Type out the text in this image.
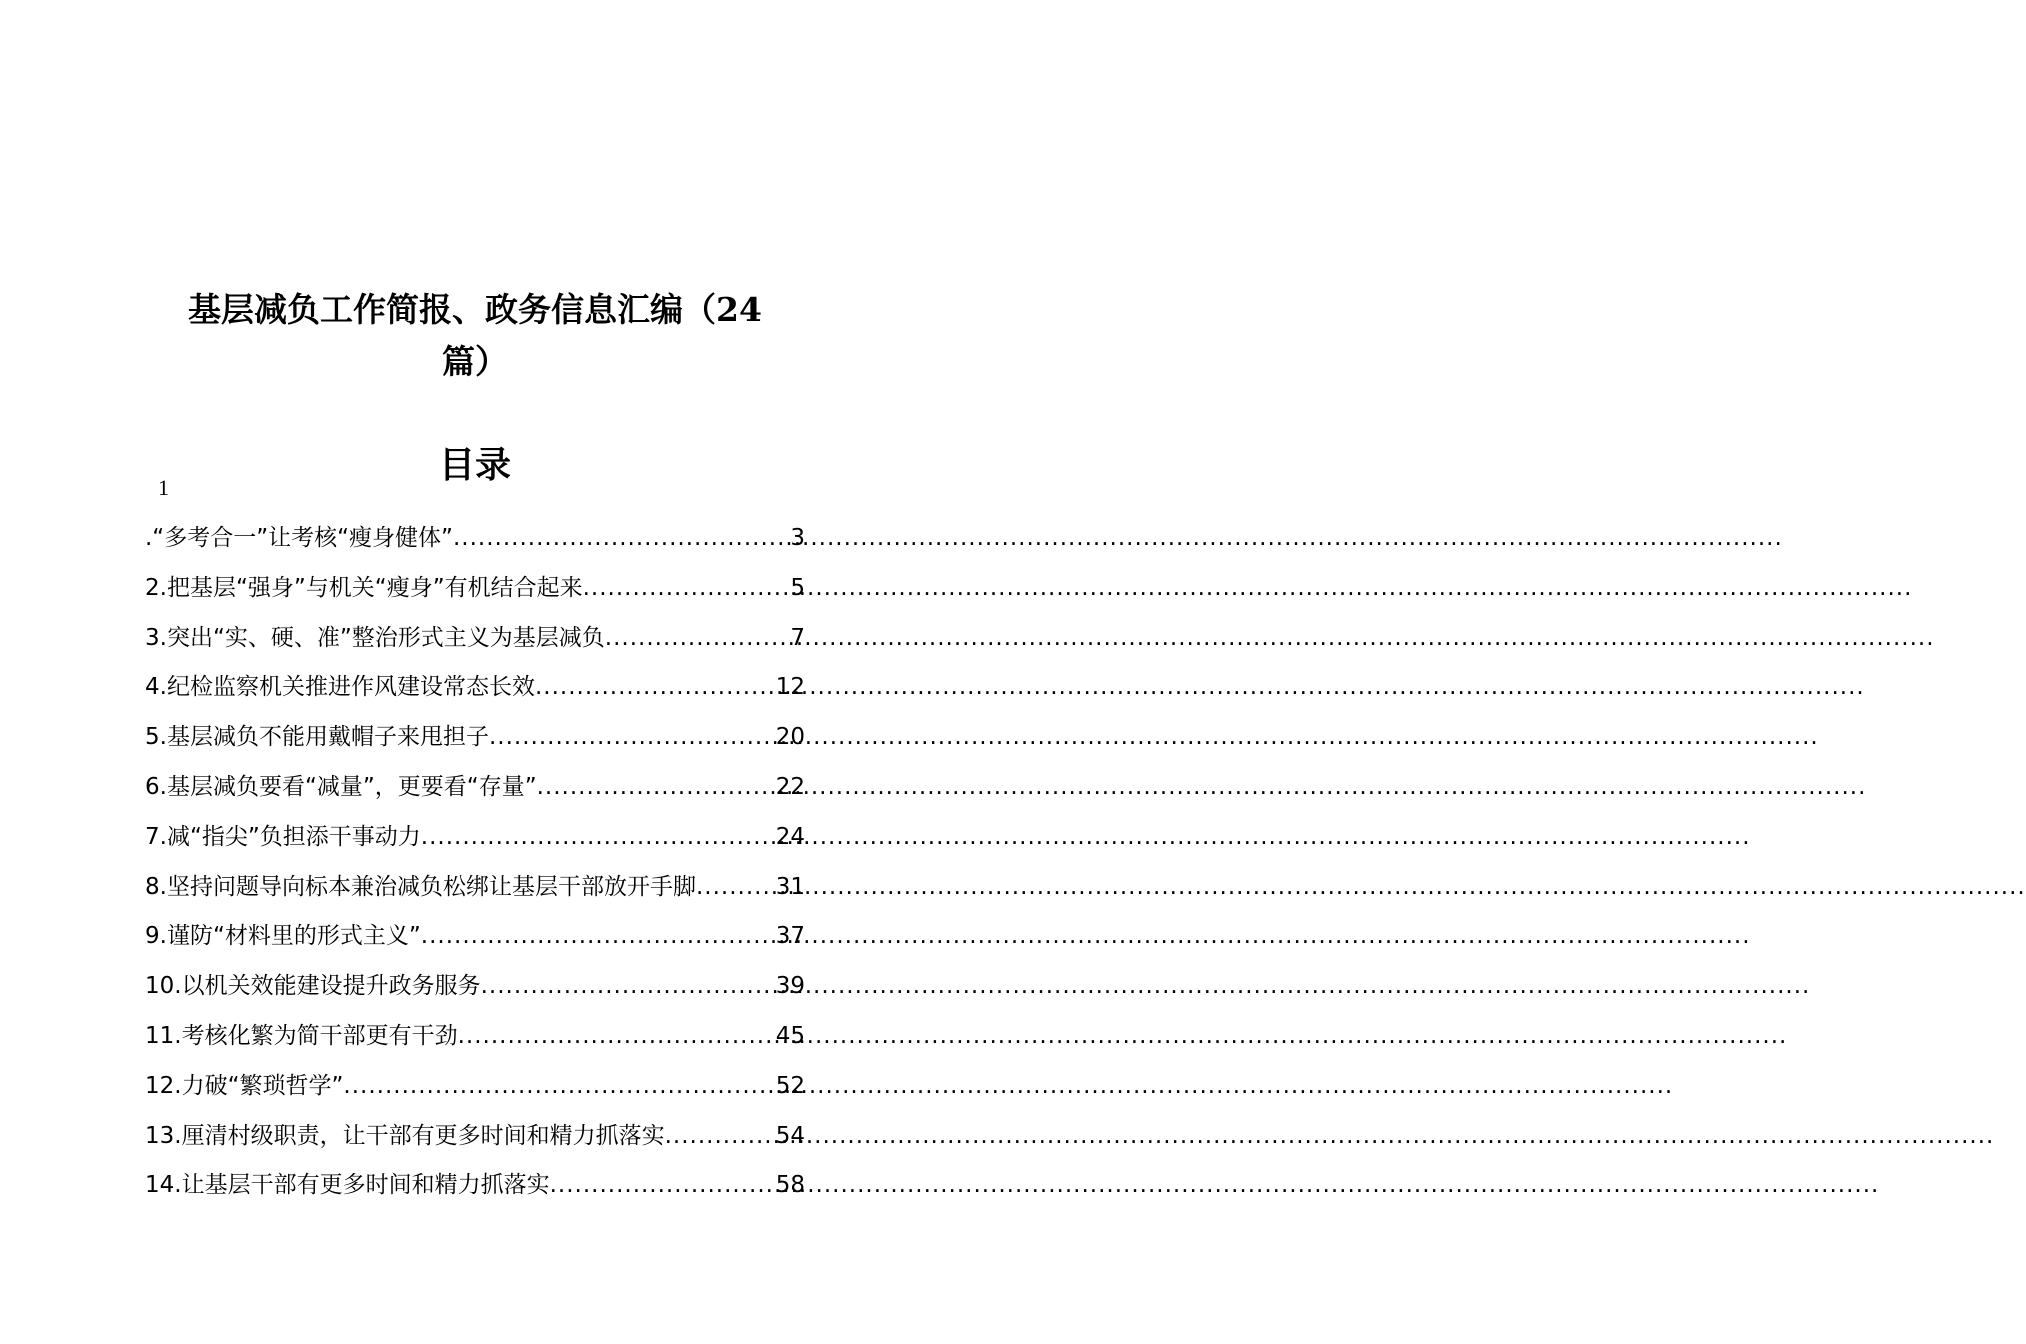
基层减负工作简报、政务信息汇编（24
篇）
目录
1
.“多考合一”让考核“瘦身健体” .....	3
2.把基层“强身”与机关“瘦身”有机结合起来 .....	5
3.突出“实、硬、准”整治形式主义为基层减负 .....	7
4.纪检监察机关推进作风建设常态长效 .....	12
5.基层减负不能用戴帽子来甩担子 .....	20
6.基层减负要看“减量”，更要看“存量” .....	22
7.减“指尖”负担添干事动力 .....	24
8.坚持问题导向标本兼治减负松绑让基层干部放开手脚 .....	31
9.谨防“材料里的形式主义” .....	37
10.以机关效能建设提升政务服务 .....	39
11.考核化繁为简干部更有干劲 .....	45
12.力破“繁琐哲学” .....	52
13.厘清村级职责，让干部有更多时间和精力抓落实 .....	54
14.让基层干部有更多时间和精力抓落实 .....	58
